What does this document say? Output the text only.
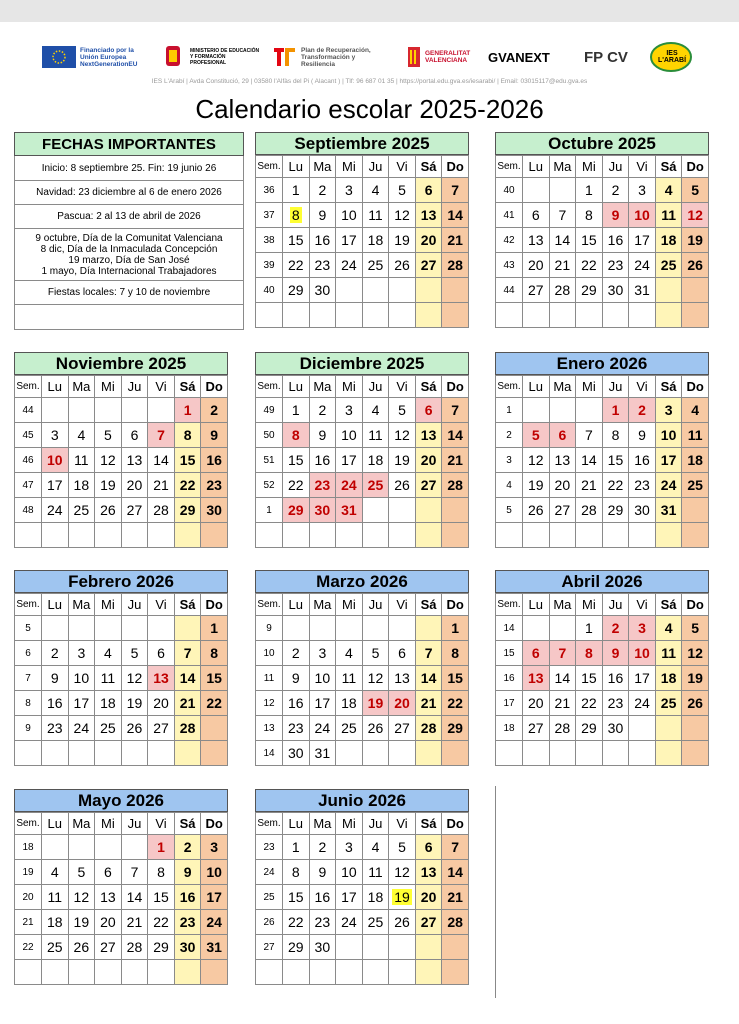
Financiado por la Unión Europea NextGenerationEU
MINISTERIO DE EDUCACIÓN Y FORMACIÓN PROFESIONAL
Plan de Recuperación, Transformación y Resiliencia
GENERALITAT VALENCIANA	GVANEXT FP CV	IES L'ARABÍ
IES L'Arabí | Avda Constitució, 29 | 03580 l'Alfàs del Pi ( Alacant ) | Tlf: 96 687 01 35 | https://portal.edu.gva.es/iesarabi/ | Email: 03015117@edu.gva.es
Calendario escolar 2025-2026
FECHAS IMPORTANTES
Inicio: 8 septiembre 25. Fin: 19 junio 26
Navidad: 23 diciembre al 6 de enero 2026
Pascua: 2 al 13 de abril de 2026
9 octubre, Día de la Comunitat Valenciana
8 dic, Día de la Inmaculada Concepción
19 marzo, Día de San José
1 mayo, Día Internacional Trabajadores
Fiestas locales: 7 y 10 de noviembre
Septiembre 2025
Sem.	Lu	Ma	Mi	Ju	Vi	Sá	Do
36	1	2	3	4	5	6	7
37	8	9	10	11	12	13	14
38	15	16	17	18	19	20	21
39	22	23	24	25	26	27	28
40	29	30					

Octubre 2025
Sem.	Lu	Ma	Mi	Ju	Vi	Sá	Do
40			1	2	3	4	5
41	6	7	8	9	10	11	12
42	13	14	15	16	17	18	19
43	20	21	22	23	24	25	26
44	27	28	29	30	31		

Noviembre 2025
Sem.	Lu	Ma	Mi	Ju	Vi	Sá	Do
44						1	2
45	3	4	5	6	7	8	9
46	10	11	12	13	14	15	16
47	17	18	19	20	21	22	23
48	24	25	26	27	28	29	30

Diciembre 2025
Sem.	Lu	Ma	Mi	Ju	Vi	Sá	Do
49	1	2	3	4	5	6	7
50	8	9	10	11	12	13	14
51	15	16	17	18	19	20	21
52	22	23	24	25	26	27	28
1	29	30	31				

Enero 2026
Sem.	Lu	Ma	Mi	Ju	Vi	Sá	Do
1				1	2	3	4
2	5	6	7	8	9	10	11
3	12	13	14	15	16	17	18
4	19	20	21	22	23	24	25
5	26	27	28	29	30	31	

Febrero 2026
Sem.	Lu	Ma	Mi	Ju	Vi	Sá	Do
5							1
6	2	3	4	5	6	7	8
7	9	10	11	12	13	14	15
8	16	17	18	19	20	21	22
9	23	24	25	26	27	28	

Marzo 2026
Sem.	Lu	Ma	Mi	Ju	Vi	Sá	Do
9							1
10	2	3	4	5	6	7	8
11	9	10	11	12	13	14	15
12	16	17	18	19	20	21	22
13	23	24	25	26	27	28	29
14	30	31					
Abril 2026
Sem.	Lu	Ma	Mi	Ju	Vi	Sá	Do
14			1	2	3	4	5
15	6	7	8	9	10	11	12
16	13	14	15	16	17	18	19
17	20	21	22	23	24	25	26
18	27	28	29	30			

Mayo 2026
Sem.	Lu	Ma	Mi	Ju	Vi	Sá	Do
18					1	2	3
19	4	5	6	7	8	9	10
20	11	12	13	14	15	16	17
21	18	19	20	21	22	23	24
22	25	26	27	28	29	30	31

Junio 2026
Sem.	Lu	Ma	Mi	Ju	Vi	Sá	Do
23	1	2	3	4	5	6	7
24	8	9	10	11	12	13	14
25	15	16	17	18	19	20	21
26	22	23	24	25	26	27	28
27	29	30					
